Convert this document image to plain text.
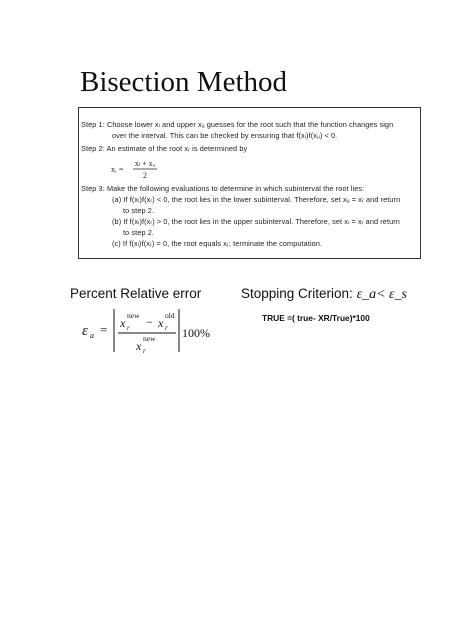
Bisection Method
Step 1: Choose lower xₗ and upper xᵤ guesses for the root such that the function changes sign
over the interval. This can be checked by ensuring that f(xₗ)f(xᵤ) < 0.
Step 2: An estimate of the root xᵣ is determined by
xᵣ =
xₗ + xᵤ
2
Step 3: Make the following evaluations to determine in which subinterval the root lies:
(a) If f(xₗ)f(xᵣ) < 0, the root lies in the lower subinterval. Therefore, set xᵤ = xᵣ and return
to step 2.
(b) If f(xₗ)f(xᵣ) > 0, the root lies in the upper subinterval. Therefore, set xₗ = xᵣ and return
to step 2.
(c) If f(xₗ)f(xᵣ) = 0, the root equals xᵣ; terminate the computation.
Percent Relative error	Stopping Criterion: ε_a< ε_s
TRUE =( true- XR/True)*100
ε a = x
new
r − x
old
r
x
new
r
100%
